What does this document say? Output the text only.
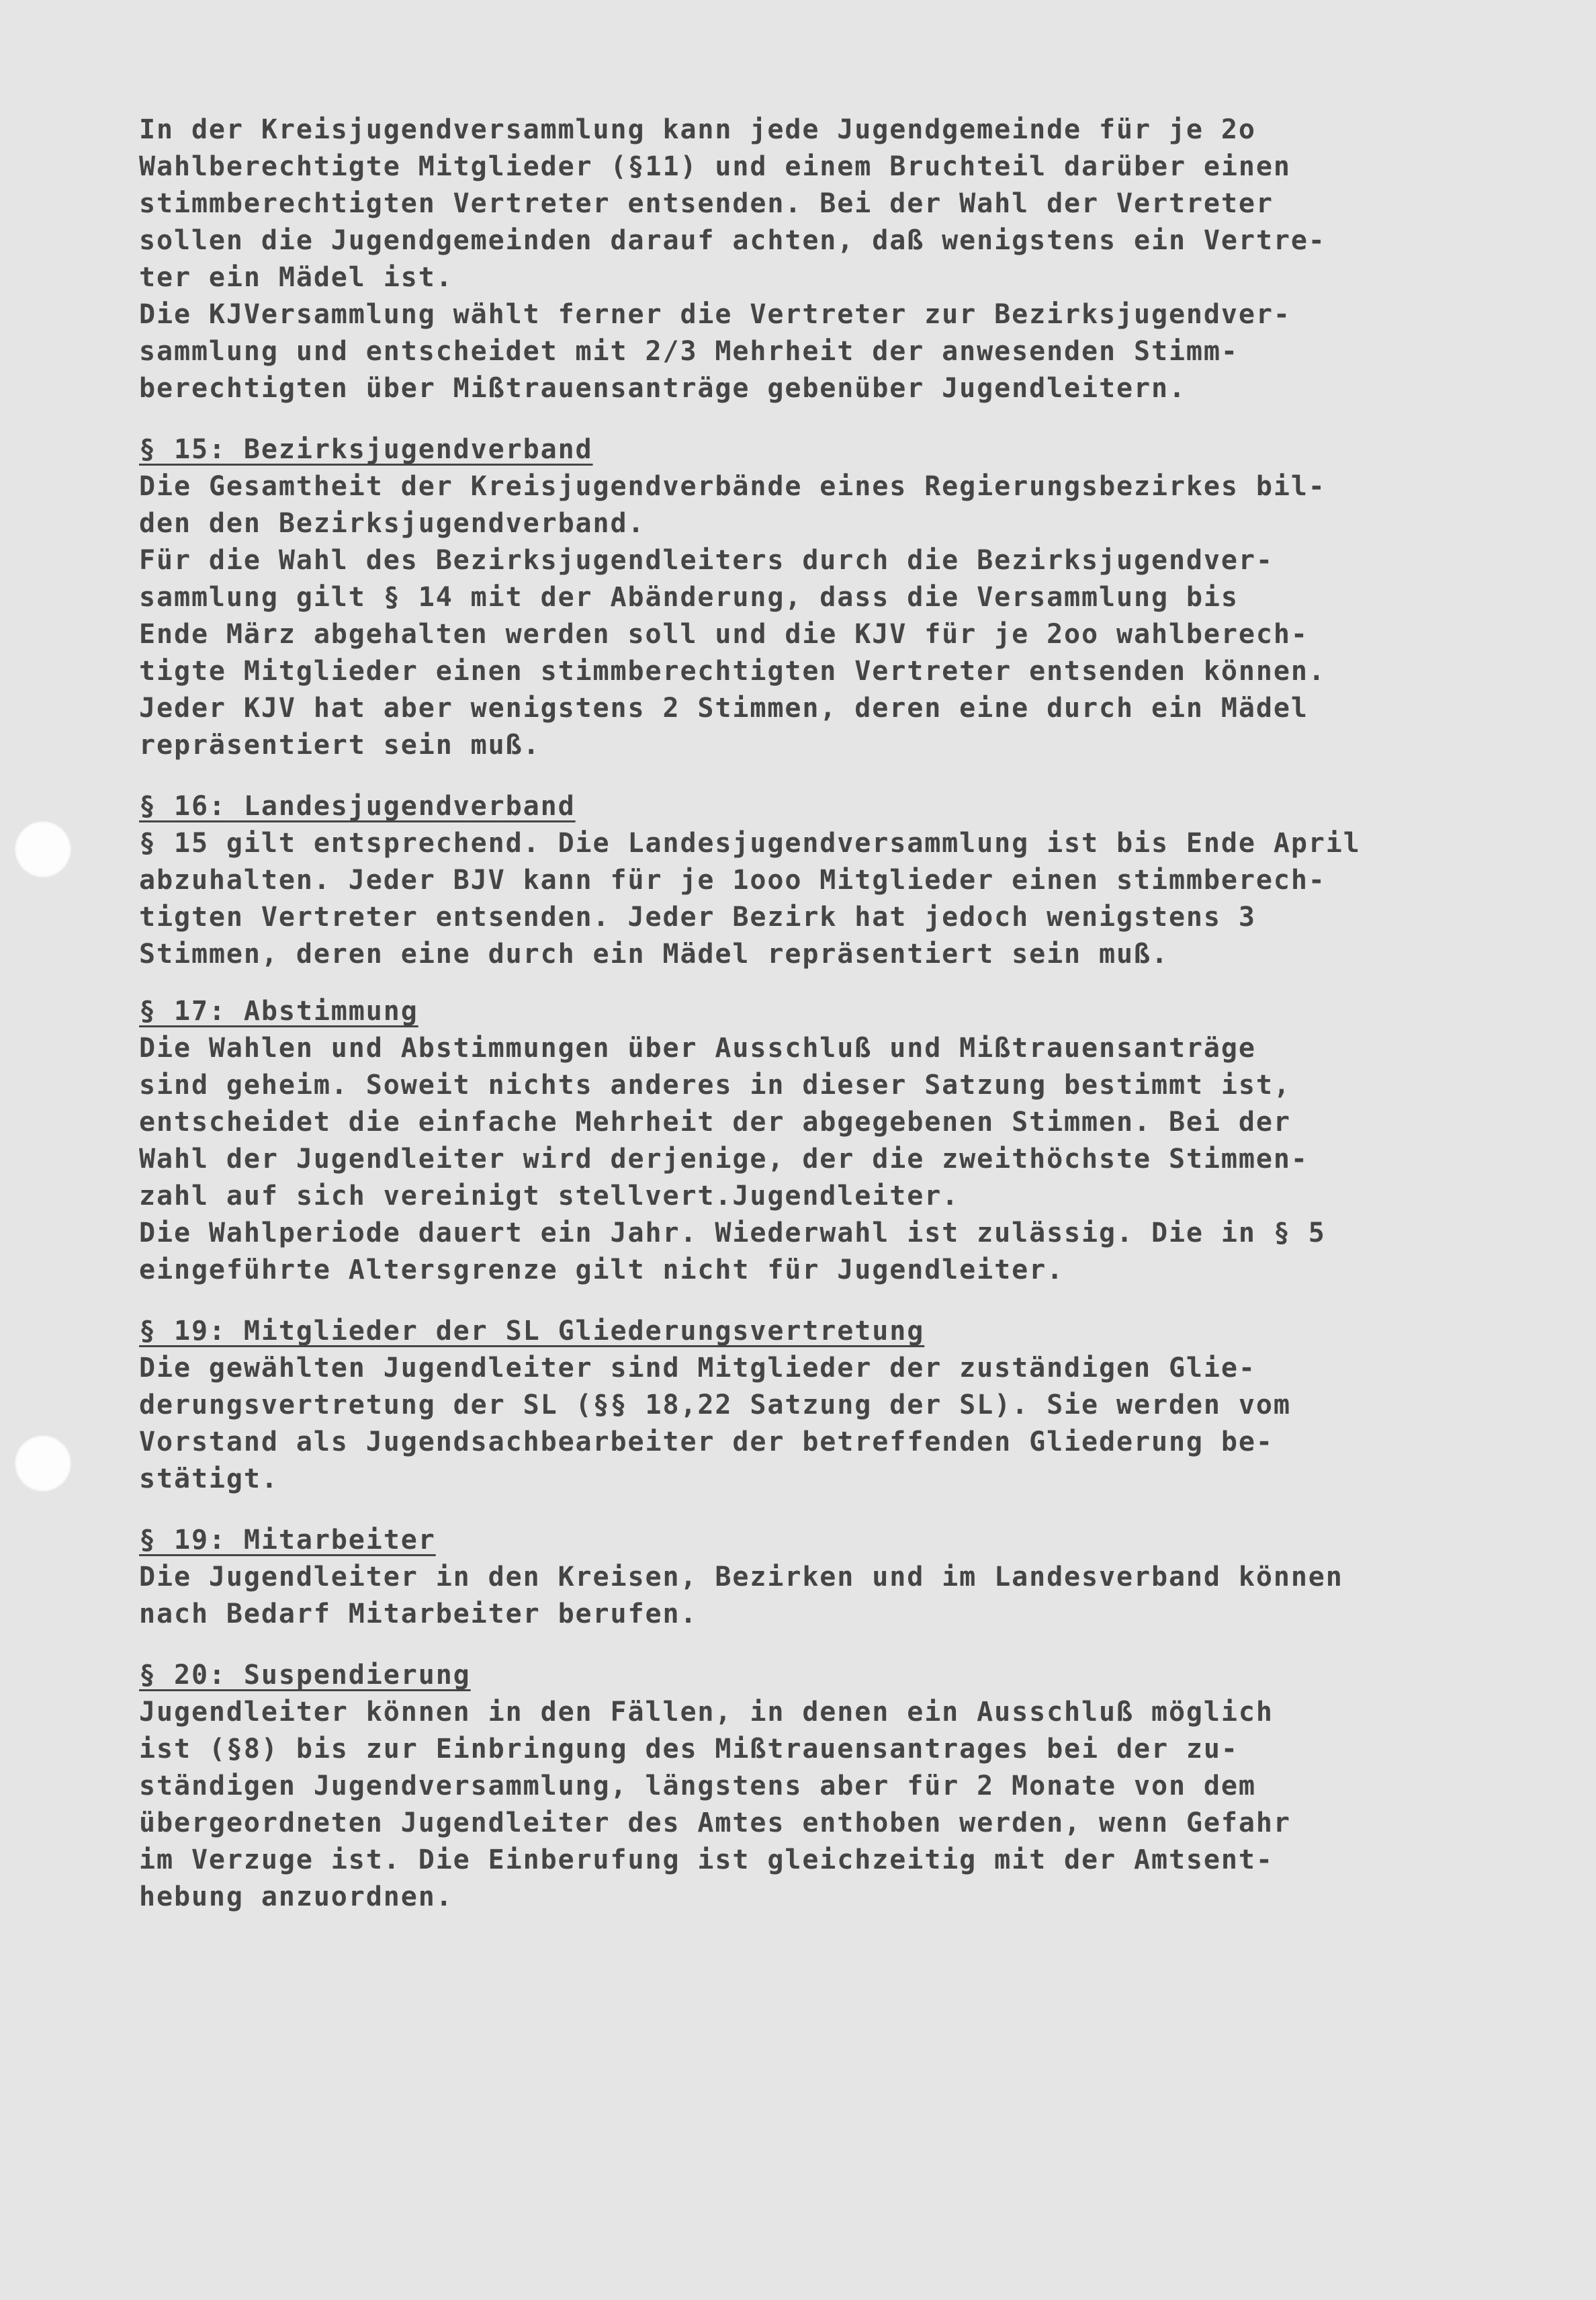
In der Kreisjugendversammlung kann jede Jugendgemeinde für je 2o
Wahlberechtigte Mitglieder (§11) und einem Bruchteil darüber einen
stimmberechtigten Vertreter entsenden. Bei der Wahl der Vertreter
sollen die Jugendgemeinden darauf achten, daß wenigstens ein Vertre-
ter ein Mädel ist.
Die KJVersammlung wählt ferner die Vertreter zur Bezirksjugendver-
sammlung und entscheidet mit 2/3 Mehrheit der anwesenden Stimm-
berechtigten über Mißtrauensanträge gebenüber Jugendleitern.
§ 15: Bezirksjugendverband
Die Gesamtheit der Kreisjugendverbände eines Regierungsbezirkes bil-
den den Bezirksjugendverband.
Für die Wahl des Bezirksjugendleiters durch die Bezirksjugendver-
sammlung gilt § 14 mit der Abänderung, dass die Versammlung bis
Ende März abgehalten werden soll und die KJV für je 2oo wahlberech-
tigte Mitglieder einen stimmberechtigten Vertreter entsenden können.
Jeder KJV hat aber wenigstens 2 Stimmen, deren eine durch ein Mädel
repräsentiert sein muß.
§ 16: Landesjugendverband
§ 15 gilt entsprechend. Die Landesjugendversammlung ist bis Ende April
abzuhalten. Jeder BJV kann für je 1ooo Mitglieder einen stimmberech-
tigten Vertreter entsenden. Jeder Bezirk hat jedoch wenigstens 3
Stimmen, deren eine durch ein Mädel repräsentiert sein muß.
§ 17: Abstimmung
Die Wahlen und Abstimmungen über Ausschluß und Mißtrauensanträge
sind geheim. Soweit nichts anderes in dieser Satzung bestimmt ist,
entscheidet die einfache Mehrheit der abgegebenen Stimmen. Bei der
Wahl der Jugendleiter wird derjenige, der die zweithöchste Stimmen-
zahl auf sich vereinigt stellvert.Jugendleiter.
Die Wahlperiode dauert ein Jahr. Wiederwahl ist zulässig. Die in § 5
eingeführte Altersgrenze gilt nicht für Jugendleiter.
§ 19: Mitglieder der SL Gliederungsvertretung
Die gewählten Jugendleiter sind Mitglieder der zuständigen Glie-
derungsvertretung der SL (§§ 18,22 Satzung der SL). Sie werden vom
Vorstand als Jugendsachbearbeiter der betreffenden Gliederung be-
stätigt.
§ 19: Mitarbeiter
Die Jugendleiter in den Kreisen, Bezirken und im Landesverband können
nach Bedarf Mitarbeiter berufen.
§ 20: Suspendierung
Jugendleiter können in den Fällen, in denen ein Ausschluß möglich
ist (§8) bis zur Einbringung des Mißtrauensantrages bei der zu-
ständigen Jugendversammlung, längstens aber für 2 Monate von dem
übergeordneten Jugendleiter des Amtes enthoben werden, wenn Gefahr
im Verzuge ist. Die Einberufung ist gleichzeitig mit der Amtsent-
hebung anzuordnen.
